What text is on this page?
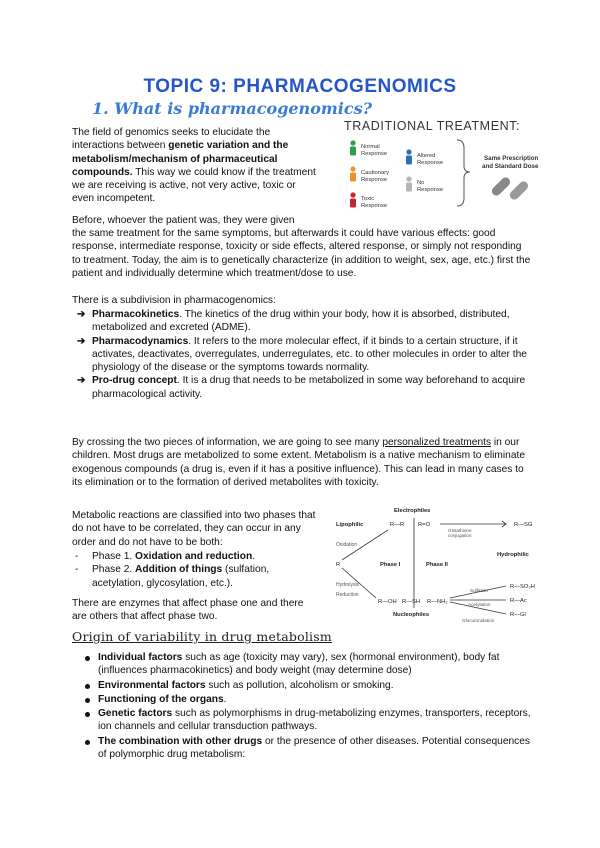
TOPIC 9: PHARMACOGENOMICS
1. What is pharmacogenomics?
The field of genomics seeks to elucidate the interactions between genetic variation and the metabolism/mechanism of pharmaceutical compounds. This way we could know if the treatment we are receiving is active, not very active, toxic or even incompetent.
Before, whoever the patient was, they were given
the same treatment for the same symptoms, but afterwards it could have various effects: good response, intermediate response, toxicity or side effects, altered response, or simply not responding to treatment. Today, the aim is to genetically characterize (in addition to weight, sex, age, etc.) first the patient and individually determine which treatment/dose to use.
There is a subdivision in pharmacogenomics:
TRADITIONAL TREATMENT:
Normal Response
Cautionary Response
Toxic Response
Altered Response
No Response
Same Prescription and Standard Dose
➔ Pharmacokinetics. The kinetics of the drug within your body, how it is absorbed, distributed, metabolized and excreted (ADME).
➔ Pharmacodynamics. It refers to the more molecular effect, if it binds to a certain structure, if it activates, deactivates, overregulates, underregulates, etc. to other molecules in order to alter the physiology of the disease or the symptoms towards normality.
➔ Pro-drug concept. It is a drug that needs to be metabolized in some way beforehand to acquire pharmacological activity.
By crossing the two pieces of information, we are going to see many personalized treatments in our children. Most drugs are metabolized to some extent. Metabolism is a native mechanism to eliminate exogenous compounds (a drug is, even if it has a positive influence). This can lead in many cases to its elimination or to the formation of derived metabolites with toxicity.
Metabolic reactions are classified into two phases that do not have to be correlated, they can occur in any order and do not have to be both:
- Phase 1. Oxidation and reduction.
- Phase 2. Addition of things (sulfation, acetylation, glycosylation, etc.).
There are enzymes that affect phase one and there are others that affect phase two.
Electrophiles
Lipophilic
Hydrophilic
R—R R=O	R—SG
Oxidation
R	Phase I	Phase II
Hydrolysis
Reduction
R—OH R—SH R—NH₂
Nucleophiles
R—SO₃H
R—Ac
R—Gl
Glutathione conjugation
Sulfation
Acetylation
Glucuronidation
Origin of variability in drug metabolism
Individual factors such as age (toxicity may vary), sex (hormonal environment), body fat (influences pharmacokinetics) and body weight (may determine dose)
Environmental factors such as pollution, alcoholism or smoking.
Functioning of the organs.
Genetic factors such as polymorphisms in drug-metabolizing enzymes, transporters, receptors, ion channels and cellular transduction pathways.
The combination with other drugs or the presence of other diseases. Potential consequences of polymorphic drug metabolism:
